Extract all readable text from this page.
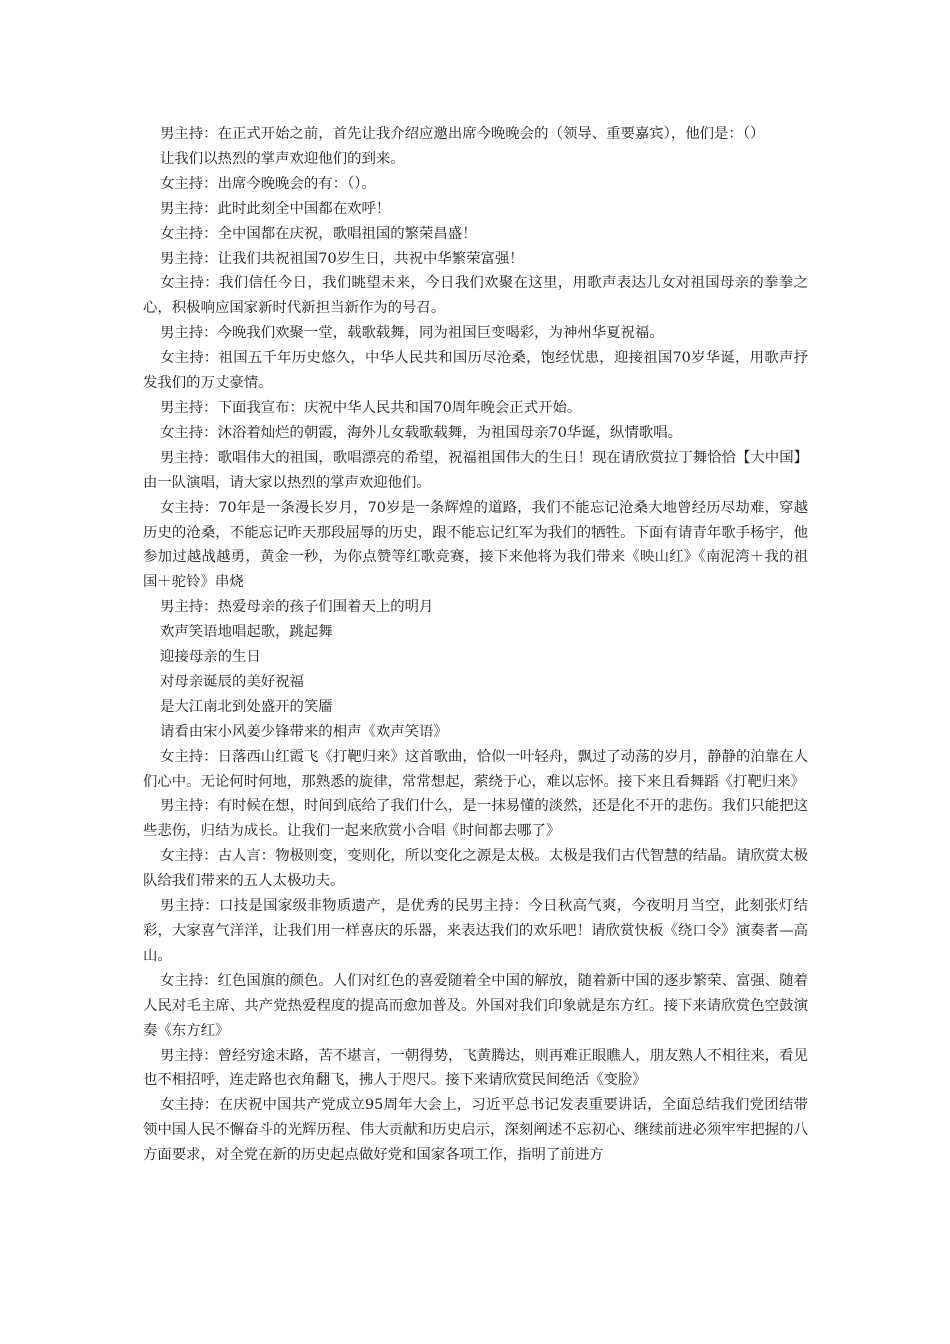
男主持：在正式开始之前，首先让我介绍应邀出席今晚晚会的（领导、重要嘉宾），他们是：（）

让我们以热烈的掌声欢迎他们的到来。

女主持：出席今晚晚会的有：（）。

男主持：此时此刻全中国都在欢呼！

女主持：全中国都在庆祝，歌唱祖国的繁荣昌盛！

男主持：让我们共祝祖国70岁生日，共祝中华繁荣富强！

女主持：我们信任今日，我们眺望未来，今日我们欢聚在这里，用歌声表达儿女对祖国母亲的拳拳之心，积极响应国家新时代新担当新作为的号召。

男主持：今晚我们欢聚一堂，载歌载舞，同为祖国巨变喝彩，为神州华夏祝福。

女主持：祖国五千年历史悠久，中华人民共和国历尽沧桑，饱经忧患，迎接祖国70岁华诞，用歌声抒发我们的万丈豪情。

男主持：下面我宣布：庆祝中华人民共和国70周年晚会正式开始。

女主持：沐浴着灿烂的朝霞，海外儿女载歌载舞，为祖国母亲70华诞，纵情歌唱。

男主持：歌唱伟大的祖国，歌唱漂亮的希望，祝福祖国伟大的生日！现在请欣赏拉丁舞恰恰【大中国】由一队演唱，请大家以热烈的掌声欢迎他们。

女主持：70年是一条漫长岁月，70岁是一条辉煌的道路，我们不能忘记沧桑大地曾经历尽劫难，穿越历史的沧桑，不能忘记昨天那段屈辱的历史，跟不能忘记红军为我们的牺牲。下面有请青年歌手杨宇，他参加过越战越勇，黄金一秒，为你点赞等红歌竞赛，接下来他将为我们带来《映山红》《南泥湾＋我的祖国＋驼铃》串烧

男主持：热爱母亲的孩子们围着天上的明月

欢声笑语地唱起歌，跳起舞

迎接母亲的生日

对母亲诞辰的美好祝福

是大江南北到处盛开的笑靥

请看由宋小风姜少锋带来的相声《欢声笑语》

女主持：日落西山红霞飞《打靶归来》这首歌曲，恰似一叶轻舟，飘过了动荡的岁月，静静的泊靠在人们心中。无论何时何地，那熟悉的旋律，常常想起，萦绕于心，难以忘怀。接下来且看舞蹈《打靶归来》

男主持：有时候在想，时间到底给了我们什么，是一抹易懂的淡然，还是化不开的悲伤。我们只能把这些悲伤，归结为成长。让我们一起来欣赏小合唱《时间都去哪了》

女主持：古人言：物极则变，变则化，所以变化之源是太极。太极是我们古代智慧的结晶。请欣赏太极队给我们带来的五人太极功夫。

男主持：口技是国家级非物质遗产，是优秀的民男主持：今日秋高气爽，今夜明月当空，此刻张灯结彩，大家喜气洋洋，让我们用一样喜庆的乐器，来表达我们的欢乐吧！请欣赏快板《绕口令》演奏者—高山。

女主持：红色国旗的颜色。人们对红色的喜爱随着全中国的解放，随着新中国的逐步繁荣、富强、随着人民对毛主席、共产党热爱程度的提高而愈加普及。外国对我们印象就是东方红。接下来请欣赏色空鼓演奏《东方红》

男主持：曾经穷途末路，苦不堪言，一朝得势，飞黄腾达，则再难正眼瞧人，朋友熟人不相往来，看见也不相招呼，连走路也衣角翻飞，拂人于咫尺。接下来请欣赏民间绝活《变脸》

女主持：在庆祝中国共产党成立95周年大会上，习近平总书记发表重要讲话，全面总结我们党团结带领中国人民不懈奋斗的光辉历程、伟大贡献和历史启示，深刻阐述不忘初心、继续前进必须牢牢把握的八方面要求，对全党在新的历史起点做好党和国家各项工作，指明了前进方
